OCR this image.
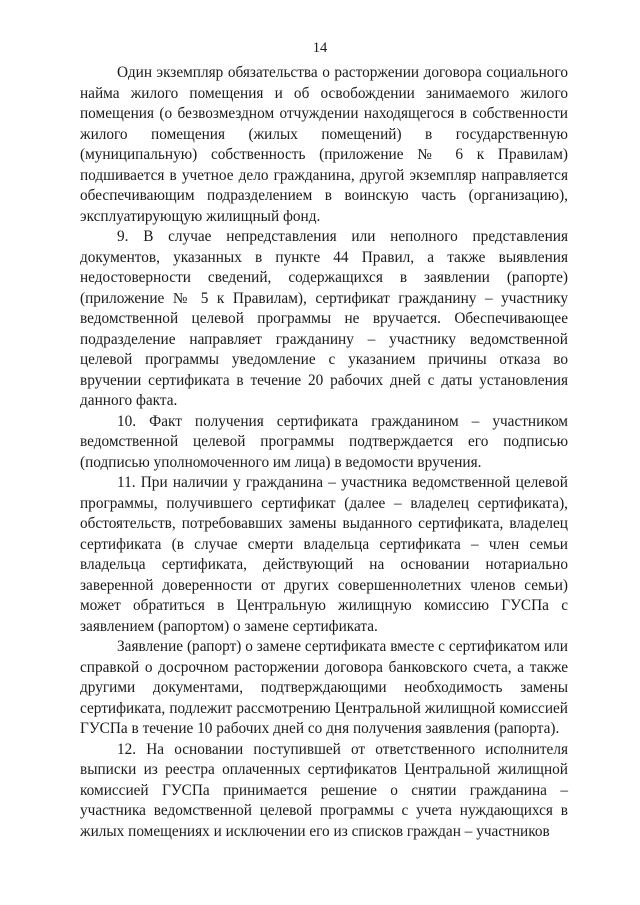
14

Один экземпляр обязательства о расторжении договора социального найма жилого помещения и об освобождении занимаемого жилого помещения (о безвозмездном отчуждении находящегося в собственности жилого помещения (жилых помещений) в государственную (муниципальную) собственность (приложение № 6 к Правилам) подшивается в учетное дело гражданина, другой экземпляр направляется обеспечивающим подразделением в воинскую часть (организацию), эксплуатирующую жилищный фонд.

9. В случае непредставления или неполного представления документов, указанных в пункте 44 Правил, а также выявления недостоверности сведений, содержащихся в заявлении (рапорте) (приложение № 5 к Правилам), сертификат гражданину – участнику ведомственной целевой программы не вручается. Обеспечивающее подразделение направляет гражданину – участнику ведомственной целевой программы уведомление с указанием причины отказа во вручении сертификата в течение 20 рабочих дней с даты установления данного факта.

10. Факт получения сертификата гражданином – участником ведомственной целевой программы подтверждается его подписью (подписью уполномоченного им лица) в ведомости вручения.

11. При наличии у гражданина – участника ведомственной целевой программы, получившего сертификат (далее – владелец сертификата), обстоятельств, потребовавших замены выданного сертификата, владелец сертификата (в случае смерти владельца сертификата – член семьи владельца сертификата, действующий на основании нотариально заверенной доверенности от других совершеннолетних членов семьи) может обратиться в Центральную жилищную комиссию ГУСПа с заявлением (рапортом) о замене сертификата.

Заявление (рапорт) о замене сертификата вместе с сертификатом или справкой о досрочном расторжении договора банковского счета, а также другими документами, подтверждающими необходимость замены сертификата, подлежит рассмотрению Центральной жилищной комиссией ГУСПа в течение 10 рабочих дней со дня получения заявления (рапорта).

12. На основании поступившей от ответственного исполнителя выписки из реестра оплаченных сертификатов Центральной жилищной комиссией ГУСПа принимается решение о снятии гражданина – участника ведомственной целевой программы с учета нуждающихся в жилых помещениях и исключении его из списков граждан – участников
